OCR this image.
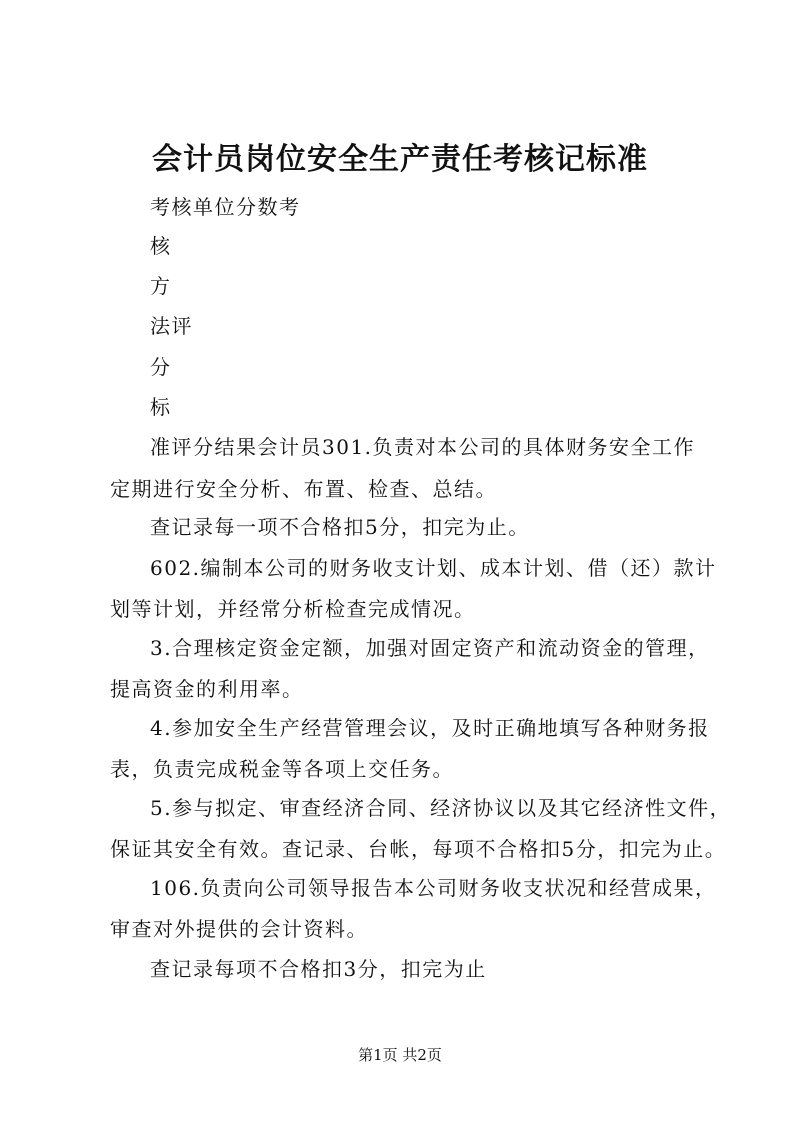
会计员岗位安全生产责任考核记标准
考核单位分数考
核
方
法评
分
标
准评分结果会计员301.负责对本公司的具体财务安全工作
定期进行安全分析、布置、检查、总结。
查记录每一项不合格扣5分，扣完为止。
602.编制本公司的财务收支计划、成本计划、借（还）款计
划等计划，并经常分析检查完成情况。
3.合理核定资金定额，加强对固定资产和流动资金的管理，
提高资金的利用率。
4.参加安全生产经营管理会议，及时正确地填写各种财务报
表，负责完成税金等各项上交任务。
5.参与拟定、审查经济合同、经济协议以及其它经济性文件，
保证其安全有效。查记录、台帐，每项不合格扣5分，扣完为止。
106.负责向公司领导报告本公司财务收支状况和经营成果，
审查对外提供的会计资料。
查记录每项不合格扣3分，扣完为止
第1页 共2页
